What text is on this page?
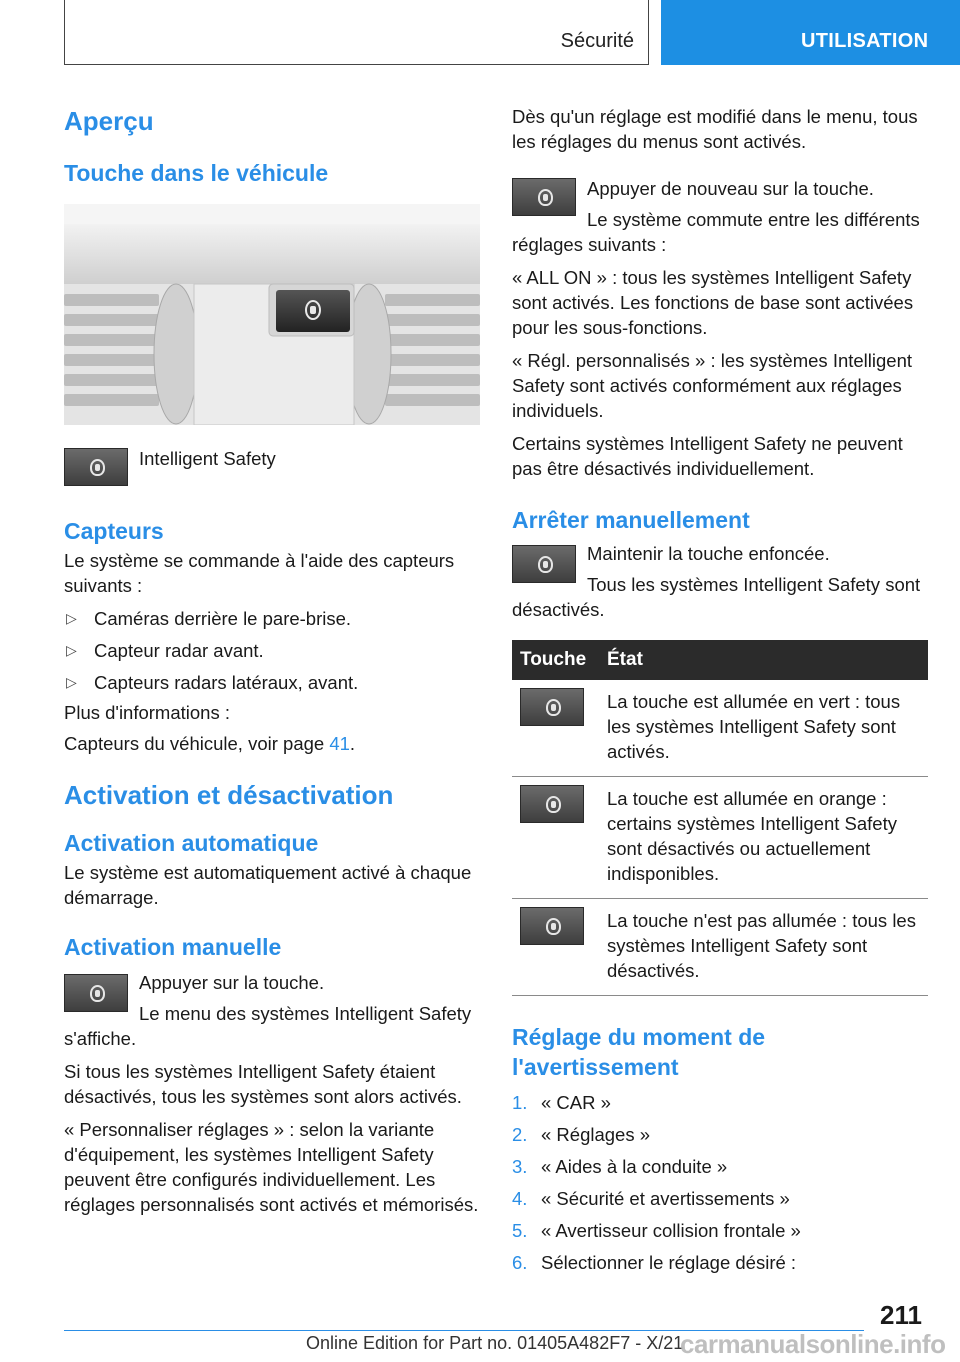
Sécurité	UTILISATION
Aperçu
Touche dans le véhicule

Intelligent Safety

Capteurs

Le système se commande à l'aide des capteurs suivants :

▷ Caméras derrière le pare-brise.
▷ Capteur radar avant.
▷ Capteurs radars latéraux, avant.

Plus d'informations :

Capteurs du véhicule, voir page 41.

Activation et désactivation
Activation automatique

Le système est automatiquement activé à chaque démarrage.

Activation manuelle

Appuyer sur la touche.

Le menu des systèmes Intelligent Safety s'affiche.

Si tous les systèmes Intelligent Safety étaient désactivés, tous les systèmes sont alors activés.

« Personnaliser réglages » : selon la variante d'équipement, les systèmes Intelligent Safety peuvent être configurés individuellement. Les réglages personnalisés sont activés et mémorisés.

Dès qu'un réglage est modifié dans le menu, tous les réglages du menus sont activés.

Appuyer de nouveau sur la touche.

Le système commute entre les différents réglages suivants :

« ALL ON » : tous les systèmes Intelligent Safety sont activés. Les fonctions de base sont activées pour les sous-fonctions.

« Régl. personnalisés » : les systèmes Intelligent Safety sont activés conformément aux réglages individuels.

Certains systèmes Intelligent Safety ne peuvent pas être désactivés individuellement.

Arrêter manuellement

Maintenir la touche enfoncée.

Tous les systèmes Intelligent Safety sont désactivés.

Touche	État

	La touche est allumée en vert : tous les systèmes Intelligent Safety sont activés.

	La touche est allumée en orange : certains systèmes Intelligent Safety sont désactivés ou actuellement indisponibles.

	La touche n'est pas allumée : tous les systèmes Intelligent Safety sont désactivés.
Réglage du moment de l'avertissement
1. « CAR »
2. « Réglages »
3. « Aides à la conduite »
4. « Sécurité et avertissements »
5. « Avertisseur collision frontale »
6. Sélectionner le réglage désiré :
211
Online Edition for Part no. 01405A482F7 - X/21
carmanualsonline.info
